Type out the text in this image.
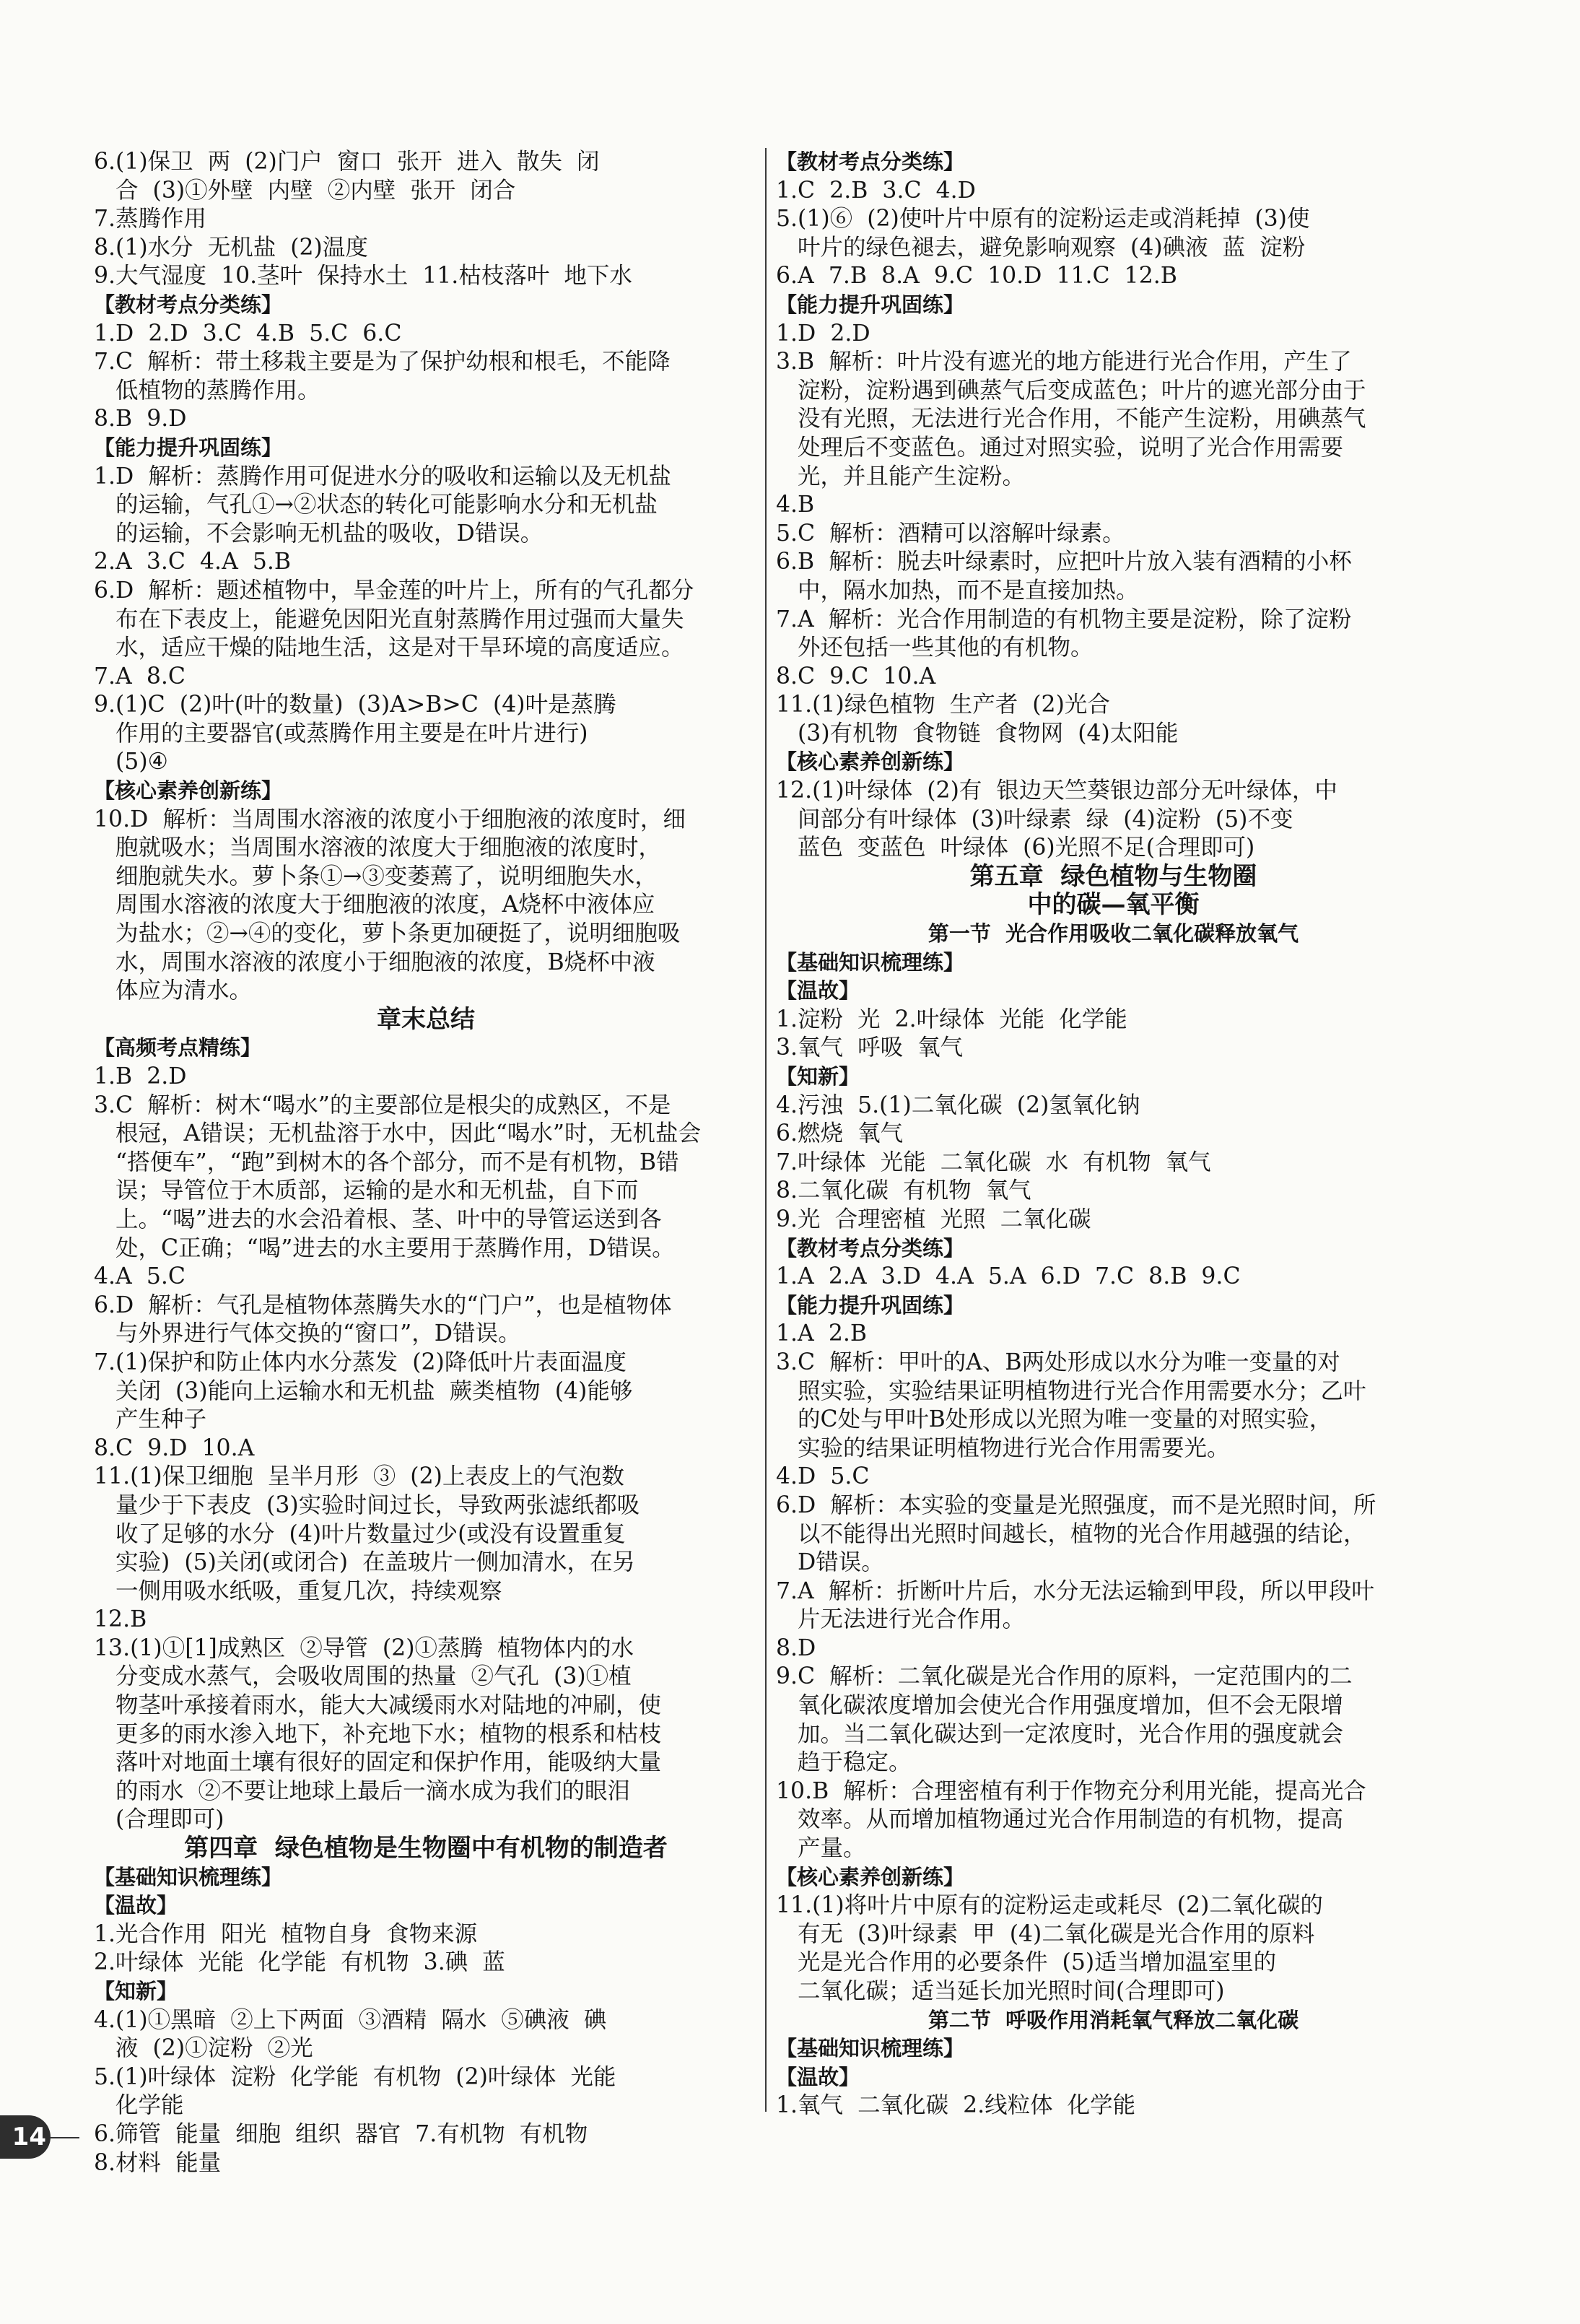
6.(1)保卫  两  (2)门户  窗口  张开  进入  散失  闭
合  (3)①外壁  内壁  ②内壁  张开  闭合
7.蒸腾作用
8.(1)水分  无机盐  (2)温度
9.大气湿度  10.茎叶  保持水土  11.枯枝落叶  地下水
【教材考点分类练】
1.D  2.D  3.C  4.B  5.C  6.C
7.C  解析：带土移栽主要是为了保护幼根和根毛，不能降
低植物的蒸腾作用。
8.B  9.D
【能力提升巩固练】
1.D  解析：蒸腾作用可促进水分的吸收和运输以及无机盐
的运输，气孔①→②状态的转化可能影响水分和无机盐
的运输，不会影响无机盐的吸收，D错误。
2.A  3.C  4.A  5.B
6.D  解析：题述植物中，旱金莲的叶片上，所有的气孔都分
布在下表皮上，能避免因阳光直射蒸腾作用过强而大量失
水，适应干燥的陆地生活，这是对干旱环境的高度适应。
7.A  8.C
9.(1)C  (2)叶(叶的数量)  (3)A>B>C  (4)叶是蒸腾
作用的主要器官(或蒸腾作用主要是在叶片进行)
(5)④
【核心素养创新练】
10.D  解析：当周围水溶液的浓度小于细胞液的浓度时，细
胞就吸水；当周围水溶液的浓度大于细胞液的浓度时，
细胞就失水。萝卜条①→③变萎蔫了，说明细胞失水，
周围水溶液的浓度大于细胞液的浓度，A烧杯中液体应
为盐水；②→④的变化，萝卜条更加硬挺了，说明细胞吸
水，周围水溶液的浓度小于细胞液的浓度，B烧杯中液
体应为清水。
章末总结
【高频考点精练】
1.B  2.D
3.C  解析：树木“喝水”的主要部位是根尖的成熟区，不是
根冠，A错误；无机盐溶于水中，因此“喝水”时，无机盐会
“搭便车”，“跑”到树木的各个部分，而不是有机物，B错
误；导管位于木质部，运输的是水和无机盐，自下而
上。“喝”进去的水会沿着根、茎、叶中的导管运送到各
处，C正确；“喝”进去的水主要用于蒸腾作用，D错误。
4.A  5.C
6.D  解析：气孔是植物体蒸腾失水的“门户”，也是植物体
与外界进行气体交换的“窗口”，D错误。
7.(1)保护和防止体内水分蒸发  (2)降低叶片表面温度
关闭  (3)能向上运输水和无机盐  蕨类植物  (4)能够
产生种子
8.C  9.D  10.A
11.(1)保卫细胞  呈半月形  ③  (2)上表皮上的气泡数
量少于下表皮  (3)实验时间过长，导致两张滤纸都吸
收了足够的水分  (4)叶片数量过少(或没有设置重复
实验)  (5)关闭(或闭合)  在盖玻片一侧加清水，在另
一侧用吸水纸吸，重复几次，持续观察
12.B
13.(1)①[1]成熟区  ②导管  (2)①蒸腾  植物体内的水
分变成水蒸气，会吸收周围的热量  ②气孔  (3)①植
物茎叶承接着雨水，能大大减缓雨水对陆地的冲刷，使
更多的雨水渗入地下，补充地下水；植物的根系和枯枝
落叶对地面土壤有很好的固定和保护作用，能吸纳大量
的雨水  ②不要让地球上最后一滴水成为我们的眼泪
(合理即可)
第四章  绿色植物是生物圈中有机物的制造者
【基础知识梳理练】
【温故】
1.光合作用  阳光  植物自身  食物来源
2.叶绿体  光能  化学能  有机物  3.碘  蓝
【知新】
4.(1)①黑暗  ②上下两面  ③酒精  隔水  ⑤碘液  碘
液  (2)①淀粉  ②光
5.(1)叶绿体  淀粉  化学能  有机物  (2)叶绿体  光能
化学能
6.筛管  能量  细胞  组织  器官  7.有机物  有机物
8.材料  能量
【教材考点分类练】
1.C  2.B  3.C  4.D
5.(1)⑥  (2)使叶片中原有的淀粉运走或消耗掉  (3)使
叶片的绿色褪去，避免影响观察  (4)碘液  蓝  淀粉
6.A  7.B  8.A  9.C  10.D  11.C  12.B
【能力提升巩固练】
1.D  2.D
3.B  解析：叶片没有遮光的地方能进行光合作用，产生了
淀粉，淀粉遇到碘蒸气后变成蓝色；叶片的遮光部分由于
没有光照，无法进行光合作用，不能产生淀粉，用碘蒸气
处理后不变蓝色。通过对照实验，说明了光合作用需要
光，并且能产生淀粉。
4.B
5.C  解析：酒精可以溶解叶绿素。
6.B  解析：脱去叶绿素时，应把叶片放入装有酒精的小杯
中，隔水加热，而不是直接加热。
7.A  解析：光合作用制造的有机物主要是淀粉，除了淀粉
外还包括一些其他的有机物。
8.C  9.C  10.A
11.(1)绿色植物  生产者  (2)光合
(3)有机物  食物链  食物网  (4)太阳能
【核心素养创新练】
12.(1)叶绿体  (2)有  银边天竺葵银边部分无叶绿体，中
间部分有叶绿体  (3)叶绿素  绿  (4)淀粉  (5)不变
蓝色  变蓝色  叶绿体  (6)光照不足(合理即可)
第五章  绿色植物与生物圈
中的碳—氧平衡
第一节  光合作用吸收二氧化碳释放氧气
【基础知识梳理练】
【温故】
1.淀粉  光  2.叶绿体  光能  化学能
3.氧气  呼吸  氧气
【知新】
4.污浊  5.(1)二氧化碳  (2)氢氧化钠
6.燃烧  氧气
7.叶绿体  光能  二氧化碳  水  有机物  氧气
8.二氧化碳  有机物  氧气
9.光  合理密植  光照  二氧化碳
【教材考点分类练】
1.A  2.A  3.D  4.A  5.A  6.D  7.C  8.B  9.C
【能力提升巩固练】
1.A  2.B
3.C  解析：甲叶的A、B两处形成以水分为唯一变量的对
照实验，实验结果证明植物进行光合作用需要水分；乙叶
的C处与甲叶B处形成以光照为唯一变量的对照实验，
实验的结果证明植物进行光合作用需要光。
4.D  5.C
6.D  解析：本实验的变量是光照强度，而不是光照时间，所
以不能得出光照时间越长，植物的光合作用越强的结论，
D错误。
7.A  解析：折断叶片后，水分无法运输到甲段，所以甲段叶
片无法进行光合作用。
8.D
9.C  解析：二氧化碳是光合作用的原料，一定范围内的二
氧化碳浓度增加会使光合作用强度增加，但不会无限增
加。当二氧化碳达到一定浓度时，光合作用的强度就会
趋于稳定。
10.B  解析：合理密植有利于作物充分利用光能，提高光合
效率。从而增加植物通过光合作用制造的有机物，提高
产量。
【核心素养创新练】
11.(1)将叶片中原有的淀粉运走或耗尽  (2)二氧化碳的
有无  (3)叶绿素  甲  (4)二氧化碳是光合作用的原料
光是光合作用的必要条件  (5)适当增加温室里的
二氧化碳；适当延长加光照时间(合理即可)
第二节  呼吸作用消耗氧气释放二氧化碳
【基础知识梳理练】
【温故】
1.氧气  二氧化碳  2.线粒体  化学能
14
